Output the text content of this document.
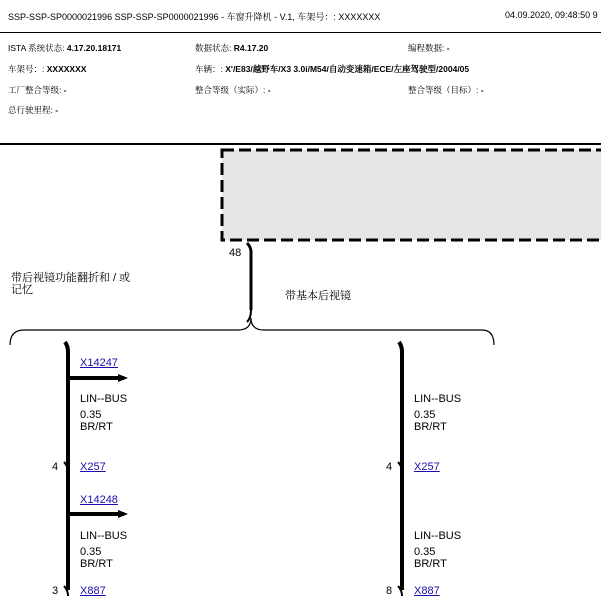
SSP-SSP-SP0000021996 SSP-SSP-SP0000021996 - 车窗升降机 - V.1, 车架号：: XXXXXXX	04.09.2020, 09:48:50 9
ISTA 系统状态: 4.17.20.18171	数据状态: R4.17.20	编程数据: -
车架号：: XXXXXXX	车辆：: X'/E83/越野车/X3 3.0i/M54/自动变速箱/ECE/左座驾驶型/2004/05
工厂整合等级: -	整合等级（实际）: -	整合等级（目标）: -
总行驶里程: -
48
带后视镜功能翻折和 / 或
记忆	带基本后视镜
X14247
LIN--BUS
0.35
BR/RT
4 X257
X14248
LIN--BUS
0.35
BR/RT
3 X887
LIN--BUS
0.35
BR/RT
4 X257
LIN--BUS
0.35
BR/RT
8 X887
